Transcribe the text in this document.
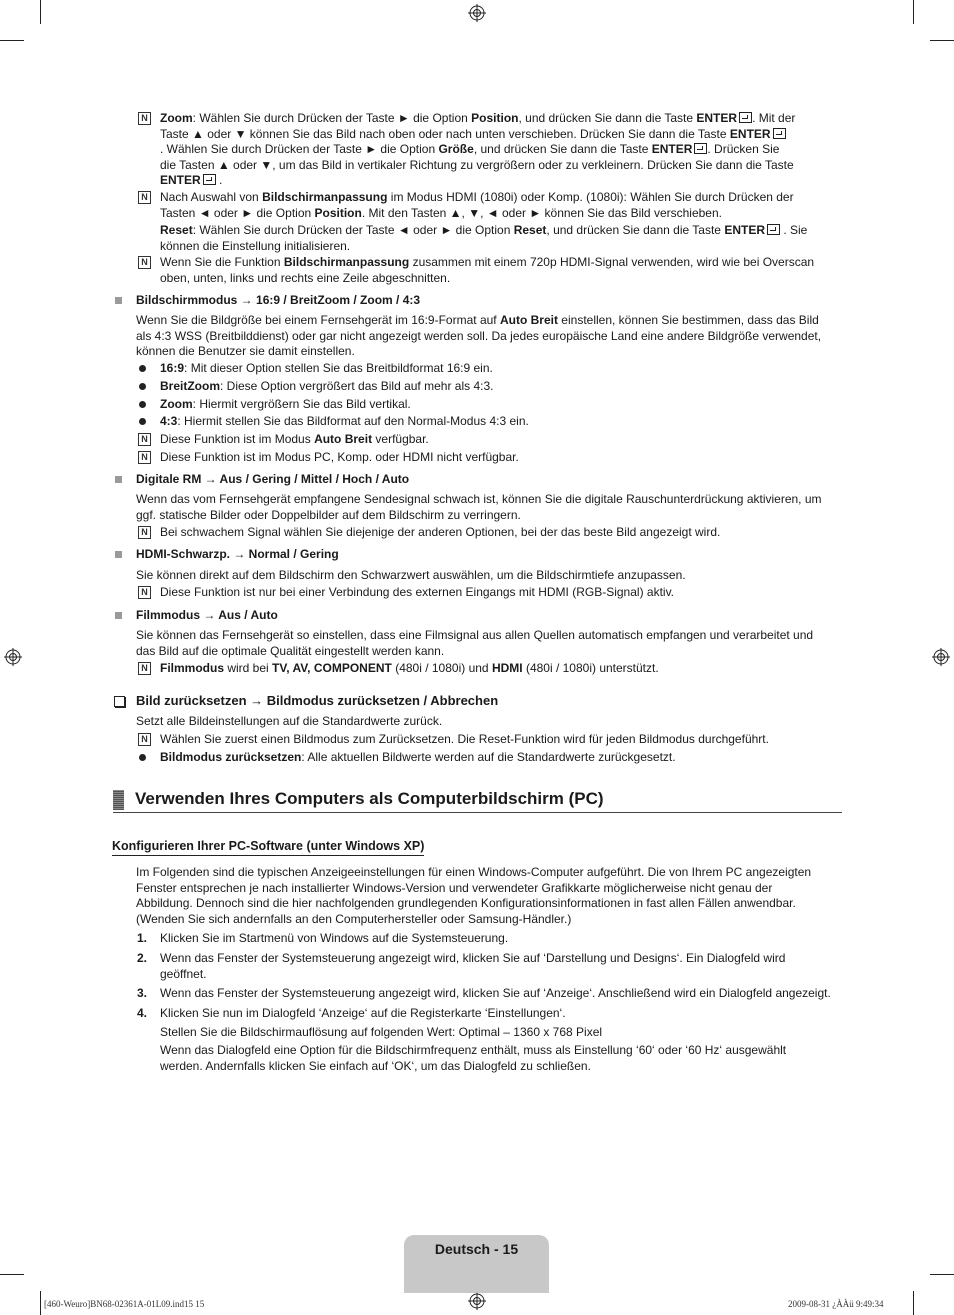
N Zoom: Wählen Sie durch Drücken der Taste ► die Option Position, und drücken Sie dann die Taste ENTER . Mit der
Taste ▲ oder ▼ können Sie das Bild nach oben oder nach unten verschieben. Drücken Sie dann die Taste ENTER
. Wählen Sie durch Drücken der Taste ► die Option Größe, und drücken Sie dann die Taste ENTER . Drücken Sie
die Tasten ▲ oder ▼, um das Bild in vertikaler Richtung zu vergrößern oder zu verkleinern. Drücken Sie dann die Taste
ENTER .
N Nach Auswahl von Bildschirmanpassung im Modus HDMI (1080i) oder Komp. (1080i): Wählen Sie durch Drücken der
Tasten ◄ oder ► die Option Position. Mit den Tasten ▲, ▼, ◄ oder ► können Sie das Bild verschieben.
Reset: Wählen Sie durch Drücken der Taste ◄ oder ► die Option Reset, und drücken Sie dann die Taste ENTER . Sie
können die Einstellung initialisieren.
N Wenn Sie die Funktion Bildschirmanpassung zusammen mit einem 720p HDMI-Signal verwenden, wird wie bei Overscan
oben, unten, links und rechts eine Zeile abgeschnitten.
Bildschirmmodus → 16:9 / BreitZoom / Zoom / 4:3
Wenn Sie die Bildgröße bei einem Fernsehgerät im 16:9-Format auf Auto Breit einstellen, können Sie bestimmen, dass das Bild
als 4:3 WSS (Breitbilddienst) oder gar nicht angezeigt werden soll. Da jedes europäische Land eine andere Bildgröße verwendet,
können die Benutzer sie damit einstellen.
16:9: Mit dieser Option stellen Sie das Breitbildformat 16:9 ein.
BreitZoom: Diese Option vergrößert das Bild auf mehr als 4:3.
Zoom: Hiermit vergrößern Sie das Bild vertikal.
4:3: Hiermit stellen Sie das Bildformat auf den Normal-Modus 4:3 ein.
N Diese Funktion ist im Modus Auto Breit verfügbar.
N Diese Funktion ist im Modus PC, Komp. oder HDMI nicht verfügbar.
Digitale RM → Aus / Gering / Mittel / Hoch / Auto
Wenn das vom Fernsehgerät empfangene Sendesignal schwach ist, können Sie die digitale Rauschunterdrückung aktivieren, um
ggf. statische Bilder oder Doppelbilder auf dem Bildschirm zu verringern.
N Bei schwachem Signal wählen Sie diejenige der anderen Optionen, bei der das beste Bild angezeigt wird.
HDMI-Schwarzp. → Normal / Gering
Sie können direkt auf dem Bildschirm den Schwarzwert auswählen, um die Bildschirmtiefe anzupassen.
N Diese Funktion ist nur bei einer Verbindung des externen Eingangs mit HDMI (RGB-Signal) aktiv.
Filmmodus → Aus / Auto
Sie können das Fernsehgerät so einstellen, dass eine Filmsignal aus allen Quellen automatisch empfangen und verarbeitet und
das Bild auf die optimale Qualität eingestellt werden kann.
N Filmmodus wird bei TV, AV, COMPONENT (480i / 1080i) und HDMI (480i / 1080i) unterstützt.
Bild zurücksetzen → Bildmodus zurücksetzen / Abbrechen
Setzt alle Bildeinstellungen auf die Standardwerte zurück.
N Wählen Sie zuerst einen Bildmodus zum Zurücksetzen. Die Reset-Funktion wird für jeden Bildmodus durchgeführt.
Bildmodus zurücksetzen: Alle aktuellen Bildwerte werden auf die Standardwerte zurückgesetzt.
Verwenden Ihres Computers als Computerbildschirm (PC)
Konfigurieren Ihrer PC-Software (unter Windows XP)
Im Folgenden sind die typischen Anzeigeeinstellungen für einen Windows-Computer aufgeführt. Die von Ihrem PC angezeigten
Fenster entsprechen je nach installierter Windows-Version und verwendeter Grafikkarte möglicherweise nicht genau der
Abbildung. Dennoch sind die hier nachfolgenden grundlegenden Konfigurationsinformationen in fast allen Fällen anwendbar.
(Wenden Sie sich andernfalls an den Computerhersteller oder Samsung-Händler.)
1. Klicken Sie im Startmenü von Windows auf die Systemsteuerung.
2. Wenn das Fenster der Systemsteuerung angezeigt wird, klicken Sie auf ‘Darstellung und Designs‘. Ein Dialogfeld wird
geöffnet.
3. Wenn das Fenster der Systemsteuerung angezeigt wird, klicken Sie auf ‘Anzeige‘. Anschließend wird ein Dialogfeld angezeigt.
4. Klicken Sie nun im Dialogfeld ‘Anzeige‘ auf die Registerkarte ‘Einstellungen‘.
Stellen Sie die Bildschirmauflösung auf folgenden Wert: Optimal – 1360 x 768 Pixel
Wenn das Dialogfeld eine Option für die Bildschirmfrequenz enthält, muss als Einstellung ‘60‘ oder ‘60 Hz‘ ausgewählt
werden. Andernfalls klicken Sie einfach auf ‘OK‘, um das Dialogfeld zu schließen.
Deutsch - 15
[460-Weuro]BN68-02361A-01L09.ind15 15	2009-08-31 ¿ÀÀü 9:49:34
